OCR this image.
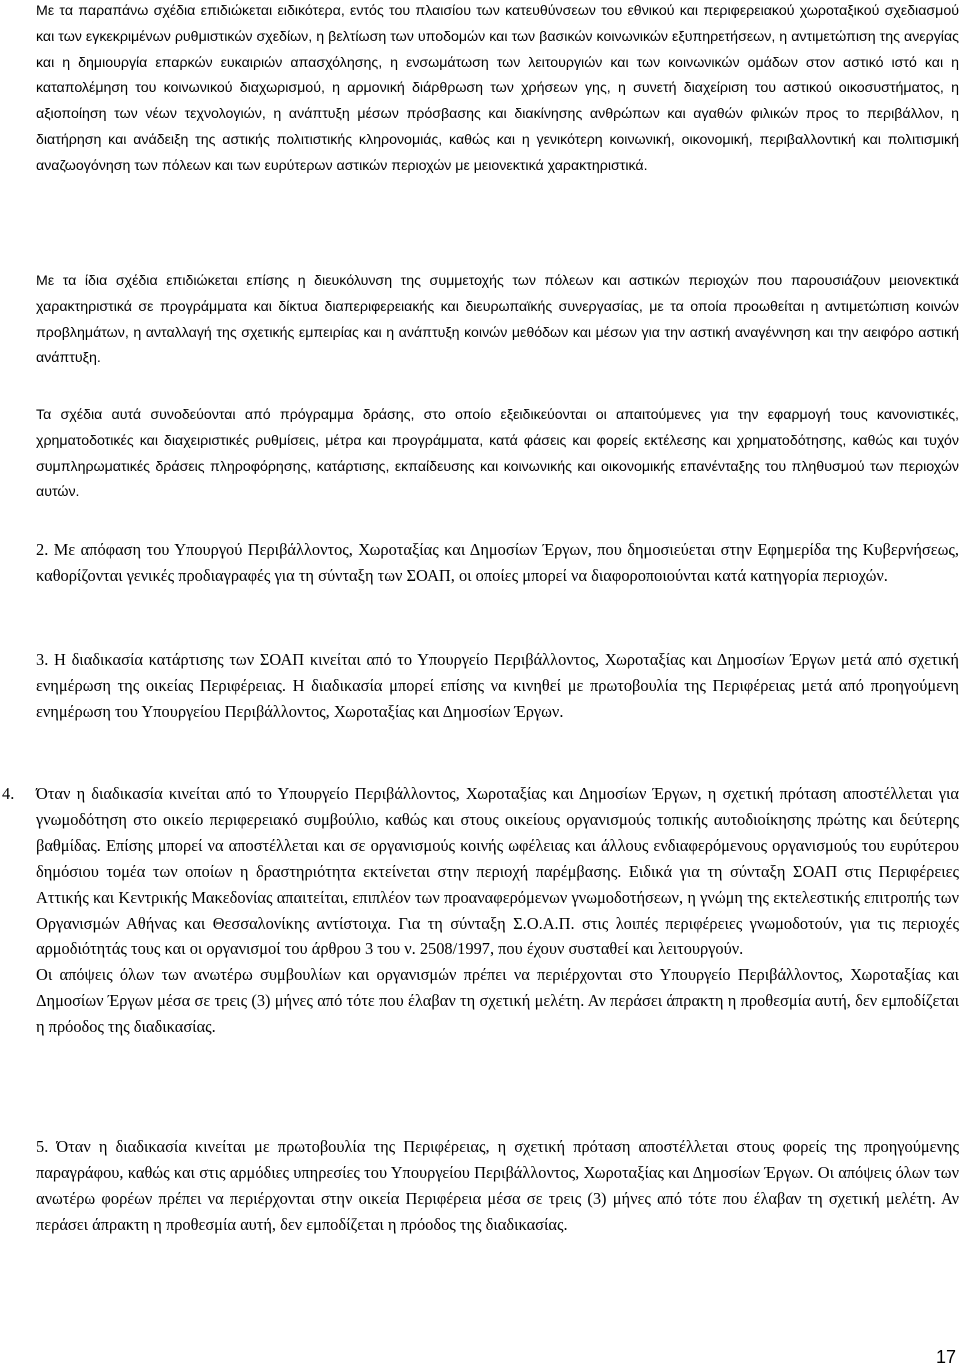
Με τα παραπάνω σχέδια επιδιώκεται ειδικότερα, εντός του πλαισίου των κατευθύνσεων του εθνικού και περιφερειακού χωροταξικού σχεδιασμού και των εγκεκριμένων ρυθμιστικών σχεδίων, η βελτίωση των υποδομών και των βασικών κοινωνικών εξυπηρετήσεων, η αντιμετώπιση της ανεργίας και η δημιουργία επαρκών ευκαιριών απασχόλησης, η ενσωμάτωση των λειτουργιών και των κοινωνικών ομάδων στον αστικό ιστό και η καταπολέμηση του κοινωνικού διαχωρισμού, η αρμονική διάρθρωση των χρήσεων γης, η συνετή διαχείριση του αστικού οικοσυστήματος, η αξιοποίηση των νέων τεχνολογιών, η ανάπτυξη μέσων πρόσβασης και διακίνησης ανθρώπων και αγαθών φιλικών προς το περιβάλλον, η διατήρηση και ανάδειξη της αστικής πολιτιστικής κληρονομιάς, καθώς και η γενικότερη κοινωνική, οικονομική, περιβαλλοντική και πολιτισμική αναζωογόνηση των πόλεων και των ευρύτερων αστικών περιοχών με μειονεκτικά χαρακτηριστικά.

Με τα ίδια σχέδια επιδιώκεται επίσης η διευκόλυνση της συμμετοχής των πόλεων και αστικών περιοχών που παρουσιάζουν μειονεκτικά χαρακτηριστικά σε προγράμματα και δίκτυα διαπεριφερειακής και διευρωπαϊκής συνεργασίας, με τα οποία προωθείται η αντιμετώπιση κοινών προβλημάτων, η ανταλλαγή της σχετικής εμπειρίας και η ανάπτυξη κοινών μεθόδων και μέσων για την αστική αναγέννηση και την αειφόρο αστική ανάπτυξη.

Τα σχέδια αυτά συνοδεύονται από πρόγραμμα δράσης, στο οποίο εξειδικεύονται οι απαιτούμενες για την εφαρμογή τους κανονιστικές, χρηματοδοτικές και διαχειριστικές ρυθμίσεις, μέτρα και προγράμματα, κατά φάσεις και φορείς εκτέλεσης και χρηματοδότησης, καθώς και τυχόν συμπληρωματικές δράσεις πληροφόρησης, κατάρτισης, εκπαίδευσης και κοινωνικής και οικονομικής επανένταξης του πληθυσμού των περιοχών αυτών.

2. Με απόφαση του Υπουργού Περιβάλλοντος, Χωροταξίας και Δημοσίων Έργων, που δημοσιεύεται στην Εφημερίδα της Κυβερνήσεως, καθορίζονται γενικές προδιαγραφές για τη σύνταξη των ΣΟΑΠ, οι οποίες μπορεί να διαφοροποιούνται κατά κατηγορία περιοχών.

3. Η διαδικασία κατάρτισης των ΣΟΑΠ κινείται από το Υπουργείο Περιβάλλοντος, Χωροταξίας και Δημοσίων Έργων μετά από σχετική ενημέρωση της οικείας Περιφέρειας. Η διαδικασία μπορεί επίσης να κινηθεί με πρωτοβουλία της Περιφέρειας μετά από προηγούμενη ενημέρωση του Υπουργείου Περιβάλλοντος, Χωροταξίας και Δημοσίων Έργων.

4. Όταν η διαδικασία κινείται από το Υπουργείο Περιβάλλοντος, Χωροταξίας και Δημοσίων Έργων, η σχετική πρόταση αποστέλλεται για γνωμοδότηση στο οικείο περιφερειακό συμβούλιο, καθώς και στους οικείους οργανισμούς τοπικής αυτοδιοίκησης πρώτης και δεύτερης βαθμίδας. Επίσης μπορεί να αποστέλλεται και σε οργανισμούς κοινής ωφέλειας και άλλους ενδιαφερόμενους οργανισμούς του ευρύτερου δημόσιου τομέα των οποίων η δραστηριότητα εκτείνεται στην περιοχή παρέμβασης. Ειδικά για τη σύνταξη ΣΟΑΠ στις Περιφέρειες Αττικής και Κεντρικής Μακεδονίας απαιτείται, επιπλέον των προαναφερόμενων γνωμοδοτήσεων, η γνώμη της εκτελεστικής επιτροπής των Οργανισμών Αθήνας και Θεσσαλονίκης αντίστοιχα. Για τη σύνταξη Σ.Ο.Α.Π. στις λοιπές περιφέρειες γνωμοδοτούν, για τις περιοχές αρμοδιότητάς τους και οι οργανισμοί του άρθρου 3 του ν. 2508/1997, που έχουν συσταθεί και λειτουργούν.

Οι απόψεις όλων των ανωτέρω συμβουλίων και οργανισμών πρέπει να περιέρχονται στο Υπουργείο Περιβάλλοντος, Χωροταξίας και Δημοσίων Έργων μέσα σε τρεις (3) μήνες από τότε που έλαβαν τη σχετική μελέτη. Αν περάσει άπρακτη η προθεσμία αυτή, δεν εμποδίζεται η πρόοδος της διαδικασίας.

5. Όταν η διαδικασία κινείται με πρωτοβουλία της Περιφέρειας, η σχετική πρόταση αποστέλλεται στους φορείς της προηγούμενης παραγράφου, καθώς και στις αρμόδιες υπηρεσίες του Υπουργείου Περιβάλλοντος, Χωροταξίας και Δημοσίων Έργων. Οι απόψεις όλων των ανωτέρω φορέων πρέπει να περιέρχονται στην οικεία Περιφέρεια μέσα σε τρεις (3) μήνες από τότε που έλαβαν τη σχετική μελέτη. Αν περάσει άπρακτη η προθεσμία αυτή, δεν εμποδίζεται η πρόοδος της διαδικασίας.

17
